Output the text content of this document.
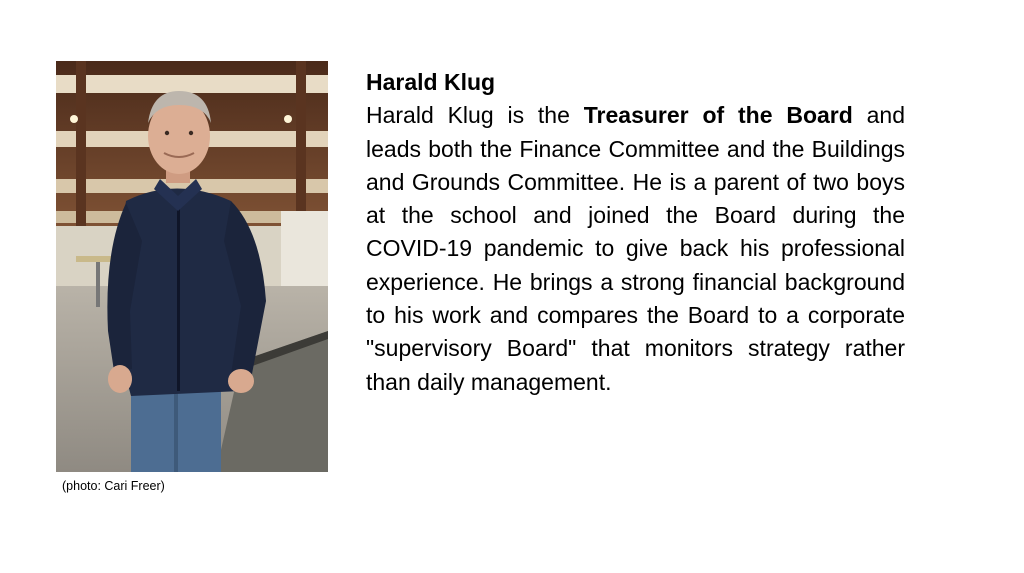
(photo: Cari Freer)

Harald Klug

Harald Klug is the Treasurer of the Board and leads both the Finance Committee and the Buildings and Grounds Committee. He is a parent of two boys at the school and joined the Board during the COVID-19 pandemic to give back his professional experience. He brings a strong financial background to his work and compares the Board to a corporate "supervisory Board" that monitors strategy rather than daily management.
